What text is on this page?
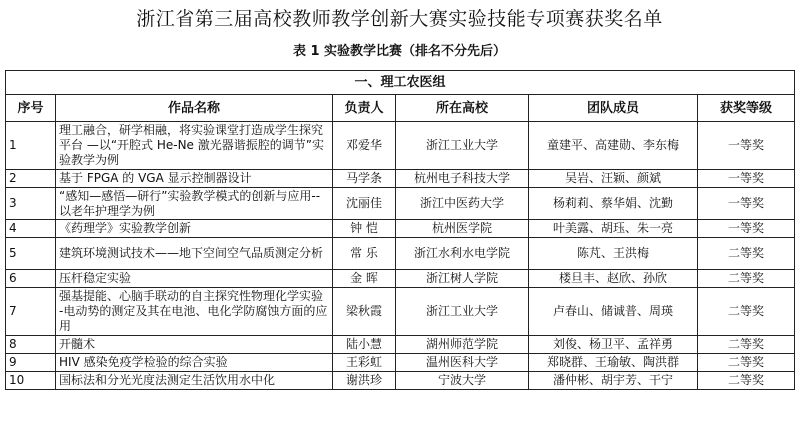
浙江省第三届高校教师教学创新大赛实验技能专项赛获奖名单
表 1 实验教学比赛（排名不分先后）
一、理工农医组					
序号	作品名称	负责人	所在高校	团队成员	获奖等级
1	理工融合，研学相融，将实验课堂打造成学生探究平台 —以“开腔式 He-Ne 激光器谐振腔的调节”实验教学为例	邓爱华	浙江工业大学	童建平、高建勋、李东梅	一等奖
2	基于 FPGA 的 VGA 显示控制器设计	马学条	杭州电子科技大学	吴岩、汪颖、颜斌	一等奖
3	“感知—感悟—研行”实验教学模式的创新与应用--以老年护理学为例	沈丽佳	浙江中医药大学	杨莉莉、蔡华娟、沈勤	一等奖
4	《药理学》实验教学创新	钟 恺	杭州医学院	叶美露、胡珏、朱一亮	一等奖
5	建筑环境测试技术——地下空间空气品质测定分析	常 乐	浙江水利水电学院	陈芃、王洪梅	二等奖
6	压杆稳定实验	金 晖	浙江树人学院	楼旦丰、赵欣、孙欣	二等奖
7	强基提能、心脑手联动的自主探究性物理化学实验 -电动势的测定及其在电池、电化学防腐蚀方面的应用	梁秋霞	浙江工业大学	卢春山、储诚普、周瑛	二等奖
8	开髓术	陆小慧	湖州师范学院	刘俊、杨卫平、孟祥勇	二等奖
9	HIV 感染免疫学检验的综合实验	王彩虹	温州医科大学	郑晓群、王瑜敏、陶洪群	二等奖
10	国标法和分光光度法测定生活饮用水中化	谢洪珍	宁波大学	潘仲彬、胡宇芳、干宁	二等奖
